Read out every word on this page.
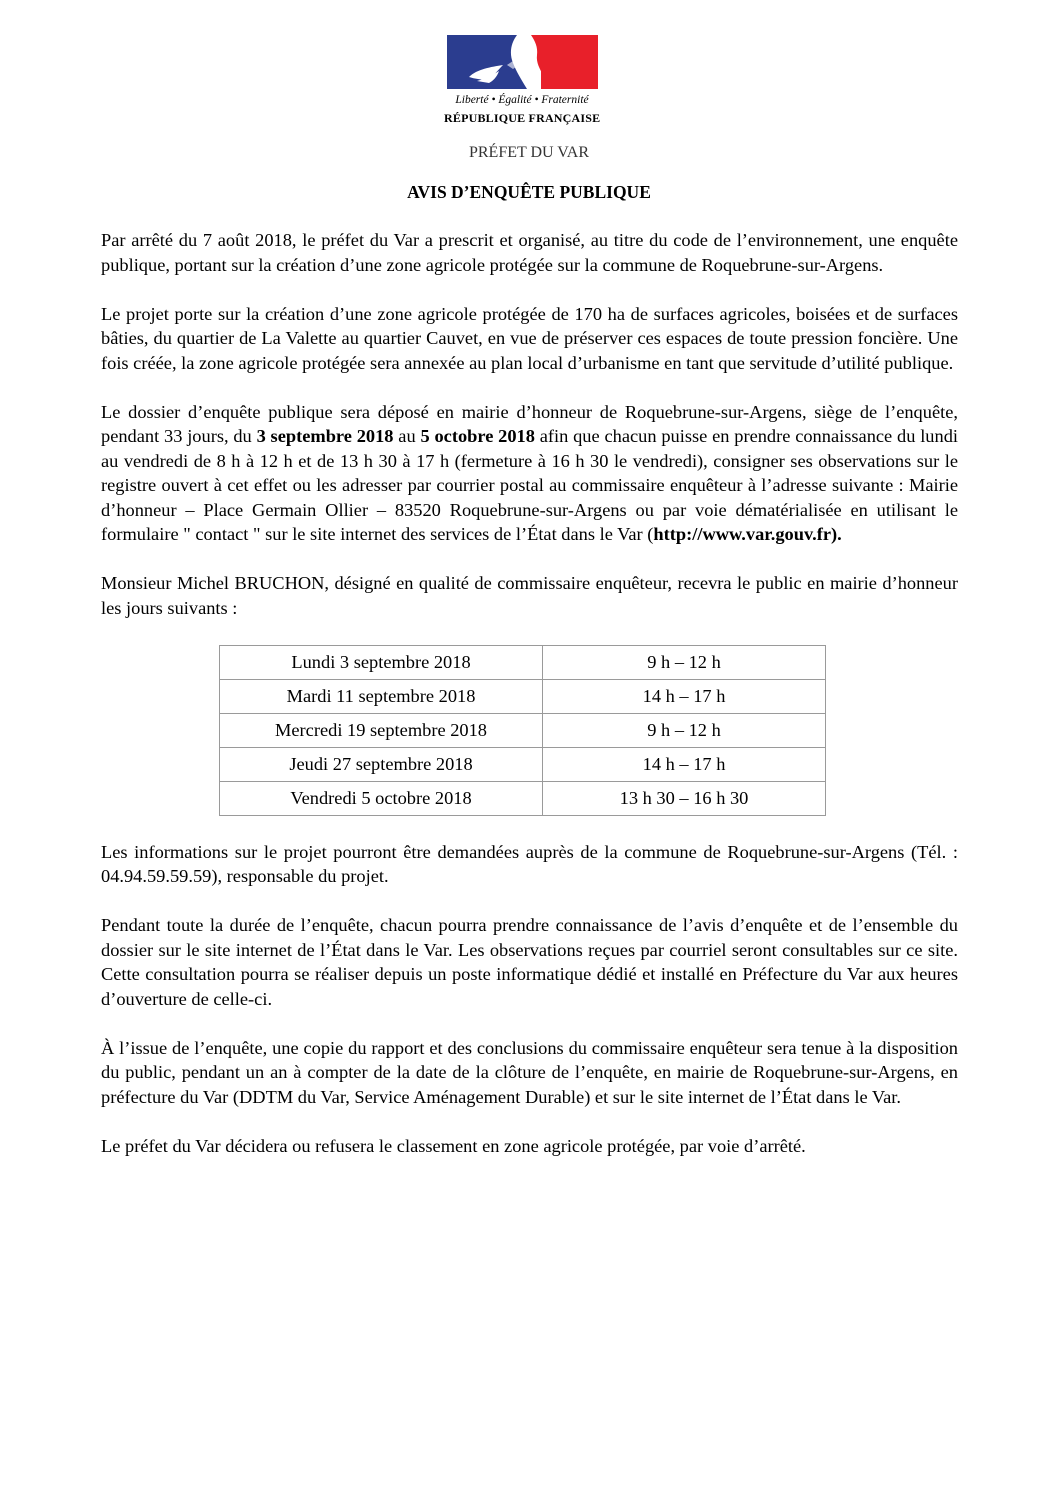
Liberté • Égalité • Fraternité
RÉPUBLIQUE FRANÇAISE
PRÉFET DU VAR
AVIS D’ENQUÊTE PUBLIQUE

Par arrêté du 7 août 2018, le préfet du Var a prescrit et organisé, au titre du code de l’environnement, une enquête publique, portant sur la création d’une zone agricole protégée sur la commune de Roquebrune-sur-Argens.

Le projet porte sur la création d’une zone agricole protégée de 170 ha de surfaces agricoles, boisées et de surfaces bâties, du quartier de La Valette au quartier Cauvet, en vue de préserver ces espaces de toute pression foncière. Une fois créée, la zone agricole protégée sera annexée au plan local d’urbanisme en tant que servitude d’utilité publique.

Le dossier d’enquête publique sera déposé en mairie d’honneur de Roquebrune-sur-Argens, siège de l’enquête, pendant 33 jours, du 3 septembre 2018 au 5 octobre 2018 afin que chacun puisse en prendre connaissance du lundi au vendredi de 8 h à 12 h et de 13 h 30 à 17 h (fermeture à 16 h 30 le vendredi), consigner ses observations sur le registre ouvert à cet effet ou les adresser par courrier postal au commissaire enquêteur à l’adresse suivante : Mairie d’honneur – Place Germain Ollier – 83520 Roquebrune-sur-Argens ou par voie dématérialisée en utilisant le formulaire " contact " sur le site internet des services de l’État dans le Var (http://www.var.gouv.fr).

Monsieur Michel BRUCHON, désigné en qualité de commissaire enquêteur, recevra le public en mairie d’honneur les jours suivants :

Lundi 3 septembre 2018	9 h – 12 h
Mardi 11 septembre 2018	14 h – 17 h
Mercredi 19 septembre 2018	9 h – 12 h
Jeudi 27 septembre 2018	14 h – 17 h
Vendredi 5 octobre 2018	13 h 30 – 16 h 30

Les informations sur le projet pourront être demandées auprès de la commune de Roquebrune-sur-Argens (Tél. : 04.94.59.59.59), responsable du projet.

Pendant toute la durée de l’enquête, chacun pourra prendre connaissance de l’avis d’enquête et de l’ensemble du dossier sur le site internet de l’État dans le Var. Les observations reçues par courriel seront consultables sur ce site. Cette consultation pourra se réaliser depuis un poste informatique dédié et installé en Préfecture du Var aux heures d’ouverture de celle-ci.

À l’issue de l’enquête, une copie du rapport et des conclusions du commissaire enquêteur sera tenue à la disposition du public, pendant un an à compter de la date de la clôture de l’enquête, en mairie de Roquebrune-sur-Argens, en préfecture du Var (DDTM du Var, Service Aménagement Durable) et sur le site internet de l’État dans le Var.

Le préfet du Var décidera ou refusera le classement en zone agricole protégée, par voie d’arrêté.
